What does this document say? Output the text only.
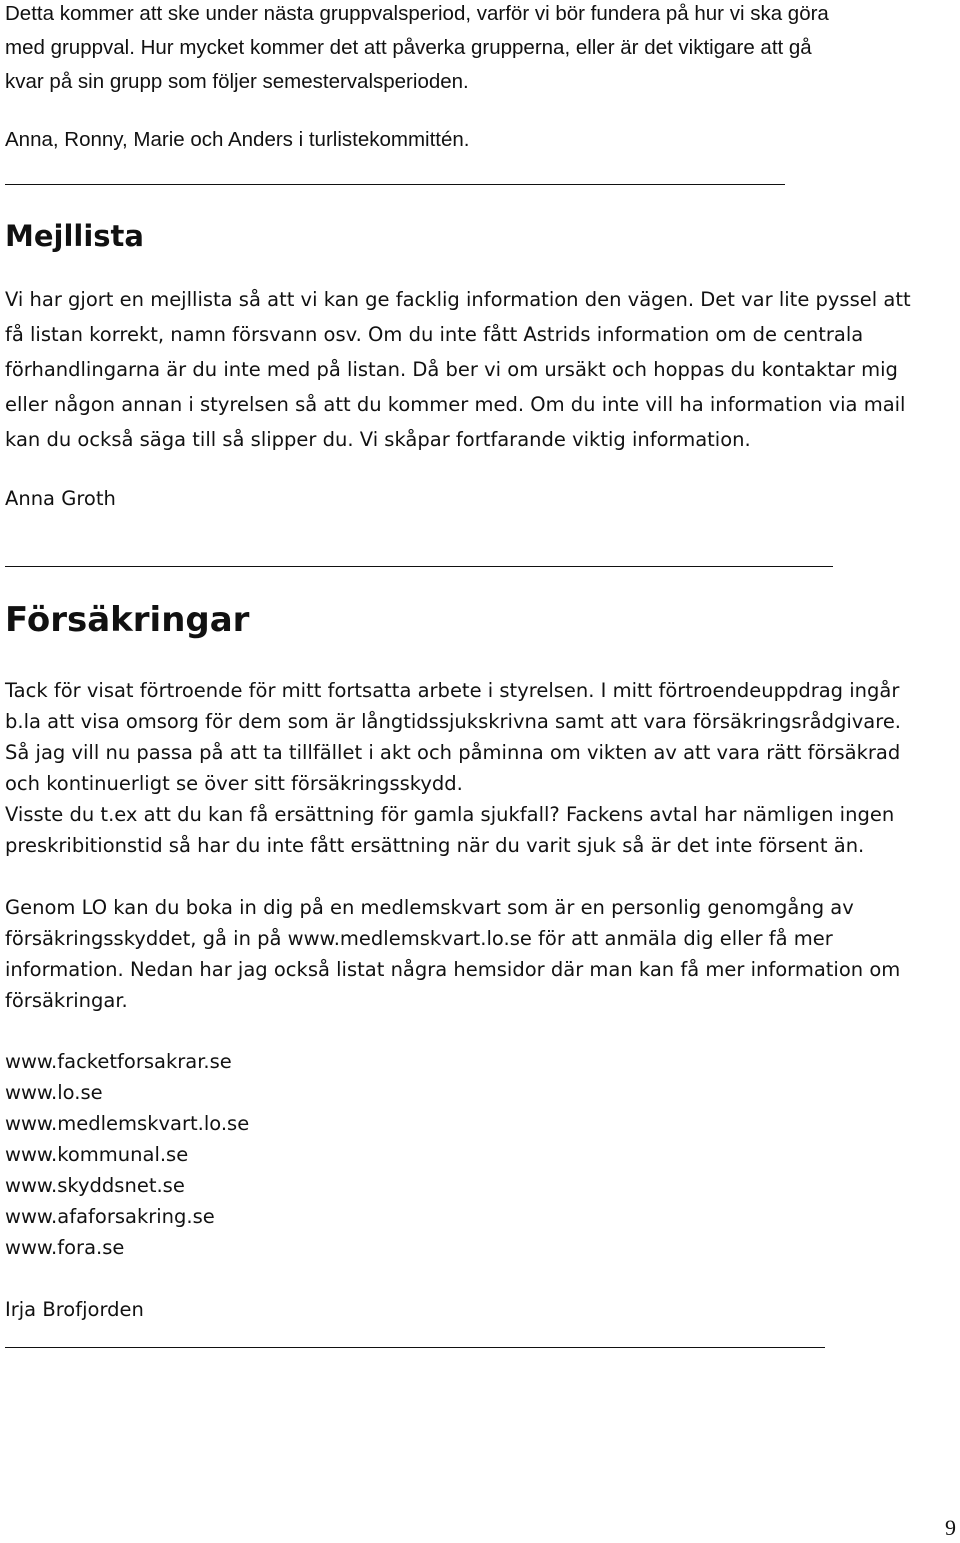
Detta kommer att ske under nästa gruppvalsperiod, varför vi bör fundera på hur vi ska göra
med gruppval. Hur mycket kommer det att påverka grupperna, eller är det viktigare att gå
kvar på sin grupp som följer semestervalsperioden.
Anna, Ronny, Marie och Anders i turlistekommittén.
Mejllista
Vi har gjort en mejllista så att vi kan ge facklig information den vägen. Det var lite pyssel att
få listan korrekt, namn försvann osv. Om du inte fått Astrids information om de centrala
förhandlingarna är du inte med på listan. Då ber vi om ursäkt och hoppas du kontaktar mig
eller någon annan i styrelsen så att du kommer med. Om du inte vill ha information via mail
kan du också säga till så slipper du. Vi skåpar fortfarande viktig information.
Anna Groth
Försäkringar
Tack för visat förtroende för mitt fortsatta arbete i styrelsen. I mitt förtroendeuppdrag ingår
b.la att visa omsorg för dem som är långtidssjukskrivna samt att vara försäkringsrådgivare.
Så jag vill nu passa på att ta tillfället i akt och påminna om vikten av att vara rätt försäkrad
och kontinuerligt se över sitt försäkringsskydd.
Visste du t.ex att du kan få ersättning för gamla sjukfall? Fackens avtal har nämligen ingen
preskribitionstid så har du inte fått ersättning när du varit sjuk så är det inte försent än.
Genom LO kan du boka in dig på en medlemskvart som är en personlig genomgång av
försäkringsskyddet, gå in på www.medlemskvart.lo.se för att anmäla dig eller få mer
information. Nedan har jag också listat några hemsidor där man kan få mer information om
försäkringar.
www.facketforsakrar.se
www.lo.se
www.medlemskvart.lo.se
www.kommunal.se
www.skyddsnet.se
www.afaforsakring.se
www.fora.se
Irja Brofjorden
9
